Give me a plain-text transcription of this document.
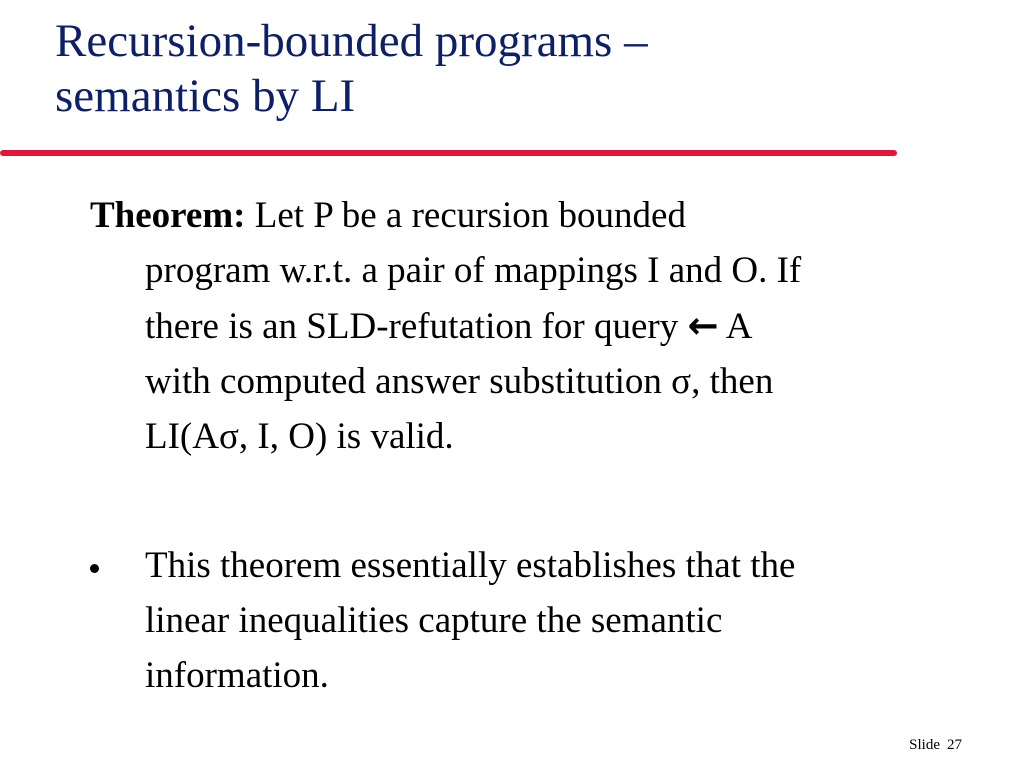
Recursion-bounded programs –
semantics by LI
Theorem: Let P be a recursion bounded
program w.r.t. a pair of mappings I and O. If
there is an SLD-refutation for query ← A
with computed answer substitution σ, then
LI(Aσ, I, O) is valid.
This theorem essentially establishes that the
linear inequalities capture the semantic
information.
Slide 27
